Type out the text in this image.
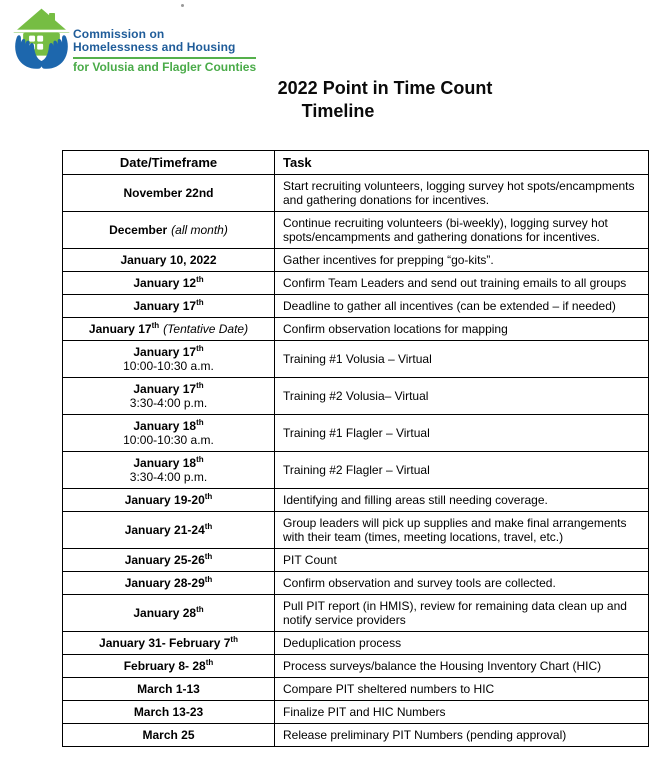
Commission on
Homelessness and Housing
for Volusia and Flagler Counties
2022 Point in Time Count
Timeline
Date/Timeframe	Task
November 22nd	Start recruiting volunteers, logging survey hot spots/encampments and gathering donations for incentives.
December (all month)	Continue recruiting volunteers (bi-weekly), logging survey hot spots/encampments and gathering donations for incentives.
January 10, 2022	Gather incentives for prepping “go-kits”.
January 12th	Confirm Team Leaders and send out training emails to all groups
January 17th	Deadline to gather all incentives (can be extended – if needed)
January 17th (Tentative Date)	Confirm observation locations for mapping
January 17th
10:00-10:30 a.m.	Training #1 Volusia – Virtual
January 17th
3:30-4:00 p.m.	Training #2 Volusia– Virtual
January 18th
10:00-10:30 a.m.	Training #1 Flagler – Virtual
January 18th
3:30-4:00 p.m.	Training #2 Flagler – Virtual
January 19-20th	Identifying and filling areas still needing coverage.
January 21-24th	Group leaders will pick up supplies and make final arrangements with their team (times, meeting locations, travel, etc.)
January 25-26th	PIT Count
January 28-29th	Confirm observation and survey tools are collected.
January 28th	Pull PIT report (in HMIS), review for remaining data clean up and notify service providers
January 31- February 7th	Deduplication process
February 8- 28th	Process surveys/balance the Housing Inventory Chart (HIC)
March 1-13	Compare PIT sheltered numbers to HIC
March 13-23	Finalize PIT and HIC Numbers
March 25	Release preliminary PIT Numbers (pending approval)
